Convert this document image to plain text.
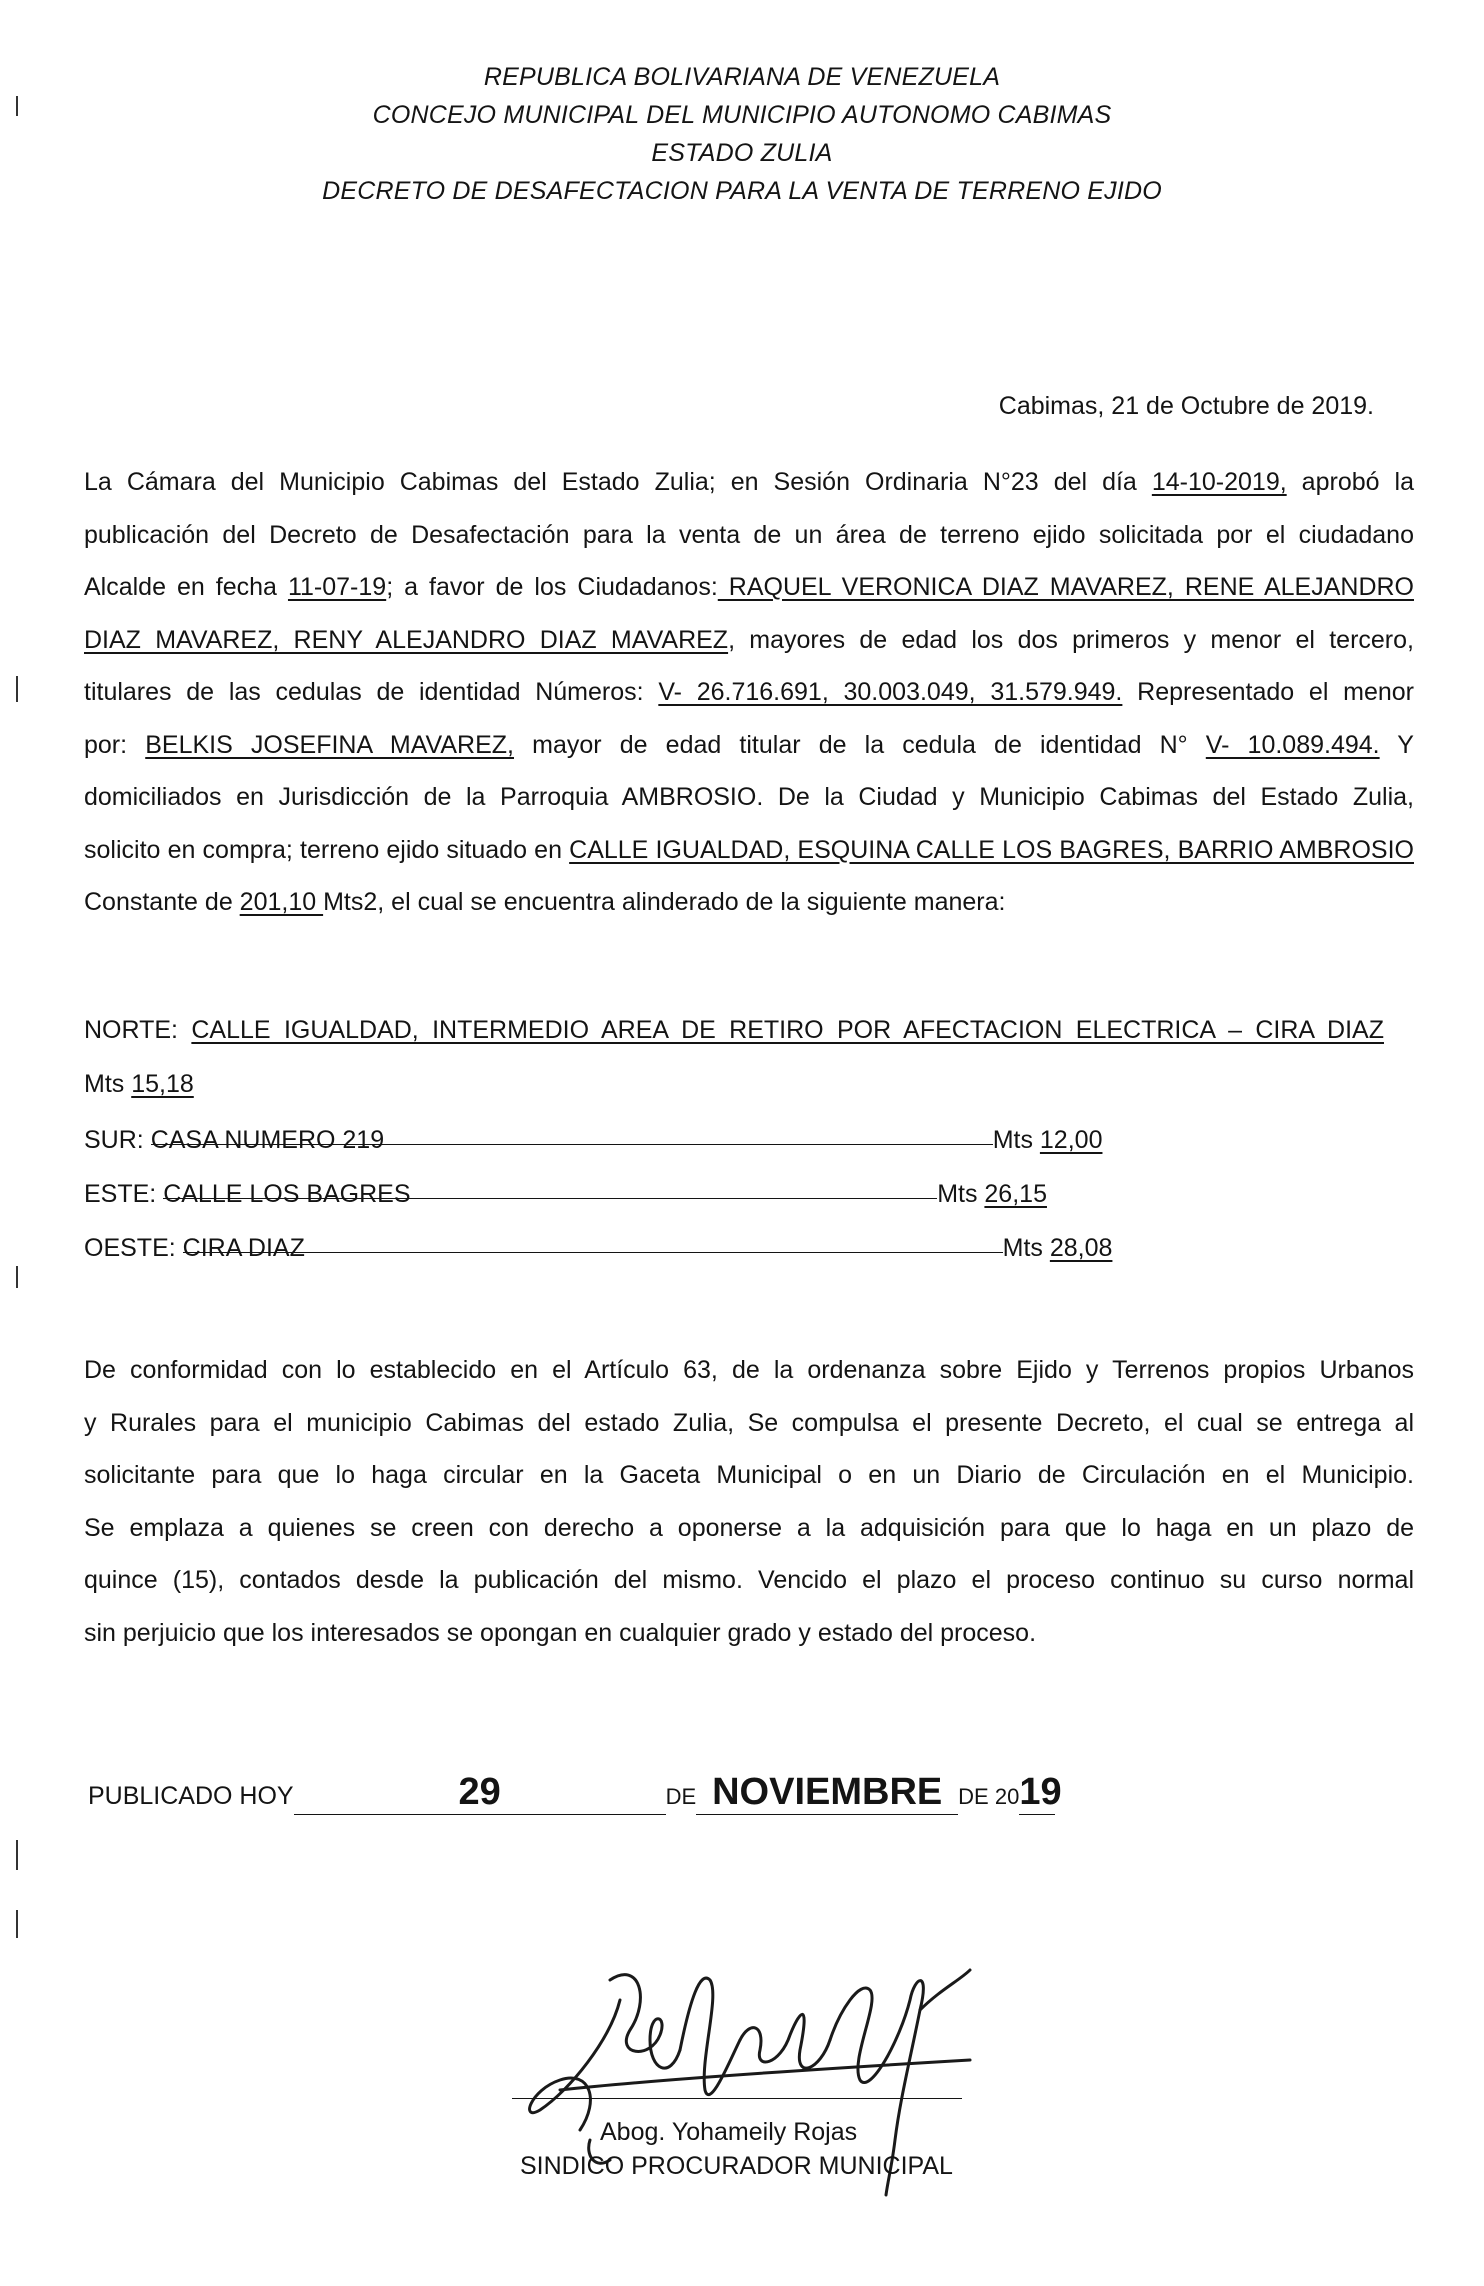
REPUBLICA BOLIVARIANA DE VENEZUELA
CONCEJO MUNICIPAL DEL MUNICIPIO AUTONOMO CABIMAS
ESTADO ZULIA
DECRETO DE DESAFECTACION PARA LA VENTA DE TERRENO EJIDO
Cabimas, 21 de Octubre de 2019.
La Cámara del Municipio Cabimas del Estado Zulia; en Sesión Ordinaria N°23 del día 14-10-2019, aprobó la
publicación del Decreto de Desafectación para la venta de un área de terreno ejido solicitada por el ciudadano
Alcalde en fecha 11-07-19; a favor de los Ciudadanos: RAQUEL VERONICA DIAZ MAVAREZ, RENE ALEJANDRO
DIAZ MAVAREZ, RENY ALEJANDRO DIAZ MAVAREZ, mayores de edad los dos primeros y menor el tercero,
titulares de las cedulas de identidad Números: V- 26.716.691, 30.003.049, 31.579.949. Representado el menor
por: BELKIS JOSEFINA MAVAREZ, mayor de edad titular de la cedula de identidad N° V- 10.089.494. Y
domiciliados en Jurisdicción de la Parroquia AMBROSIO. De la Ciudad y Municipio Cabimas del Estado Zulia,
solicito en compra; terreno ejido situado en CALLE IGUALDAD, ESQUINA CALLE LOS BAGRES, BARRIO AMBROSIO
Constante de 201,10 Mts2, el cual se encuentra alinderado de la siguiente manera:
NORTE: CALLE IGUALDAD, INTERMEDIO AREA DE RETIRO POR AFECTACION ELECTRICA – CIRA DIAZ
Mts 15,18
SUR: CASA NUMERO 219	Mts 12,00
ESTE: CALLE LOS BAGRES	Mts 26,15
OESTE: CIRA DIAZ	Mts 28,08
De conformidad con lo establecido en el Artículo 63, de la ordenanza sobre Ejido y Terrenos propios Urbanos
y Rurales para el municipio Cabimas del estado Zulia, Se compulsa el presente Decreto, el cual se entrega al
solicitante para que lo haga circular en la Gaceta Municipal o en un Diario de Circulación en el Municipio.
Se emplaza a quienes se creen con derecho a oponerse a la adquisición para que lo haga en un plazo de
quince (15), contados desde la publicación del mismo. Vencido el plazo el proceso continuo su curso normal
sin perjuicio que los interesados se opongan en cualquier grado y estado del proceso.
PUBLICADO HOY	29	DE NOVIEMBRE DE 2019
Abog. Yohameily Rojas
SINDICO PROCURADOR MUNICIPAL
